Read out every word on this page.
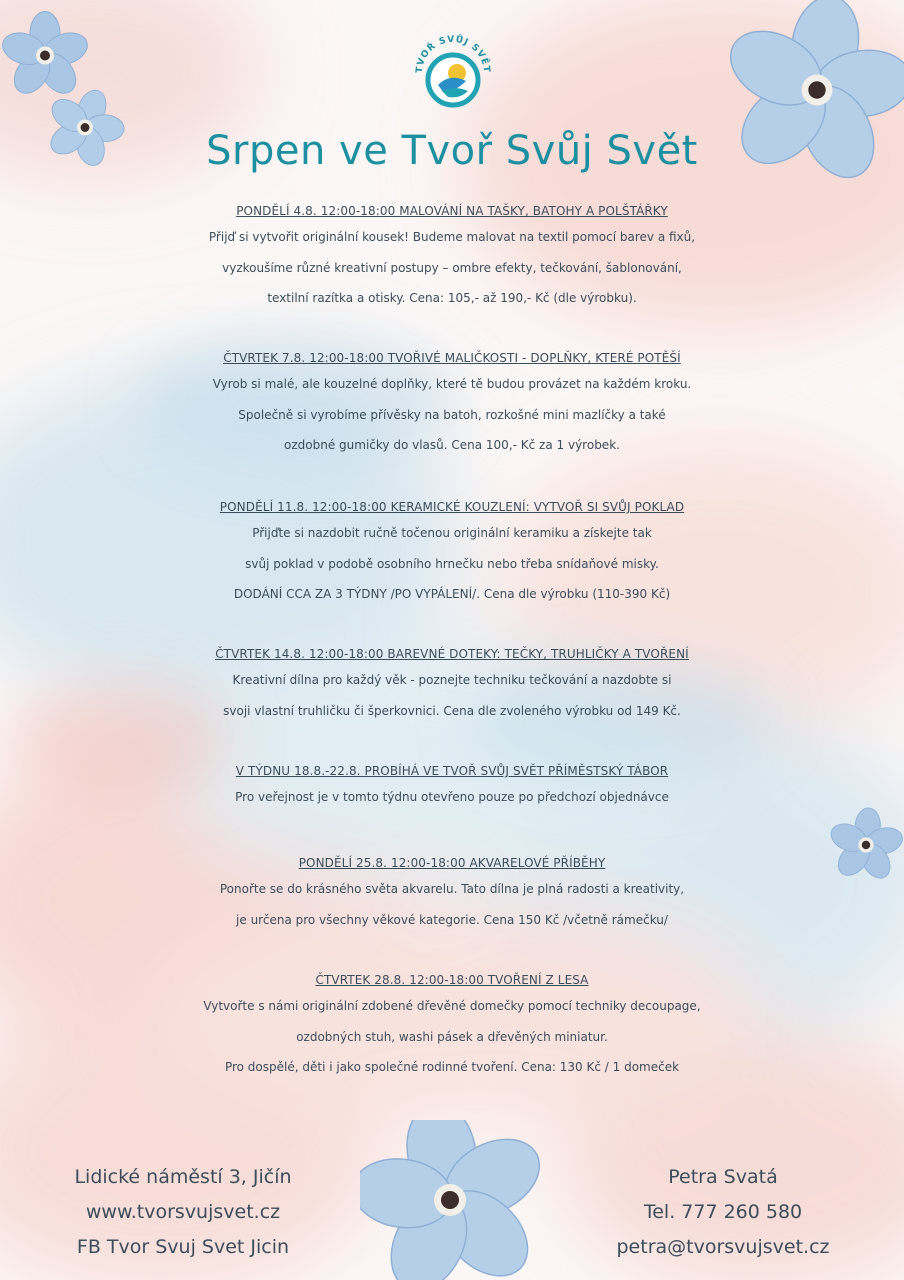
TVOŘ SVŮJ SVĚT
Srpen ve Tvoř Svůj Svět

PONDĚLÍ 4.8. 12:00-18:00 MALOVÁNÍ NA TAŠKY, BATOHY A POLŠTÁŘKY

Přijď si vytvořit originální kousek! Budeme malovat na textil pomocí barev a fixů,

vyzkoušíme různé kreativní postupy – ombre efekty, tečkování, šablonování,

textilní razítka a otisky. Cena: 105,- až 190,- Kč (dle výrobku).

ČTVRTEK 7.8. 12:00-18:00 TVOŘIVÉ MALIČKOSTI - DOPLŇKY, KTERÉ POTĚŠÍ

Vyrob si malé, ale kouzelné doplňky, které tě budou provázet na každém kroku.

Společně si vyrobíme přívěsky na batoh, rozkošné mini mazlíčky a také

ozdobné gumičky do vlasů. Cena 100,- Kč za 1 výrobek.

PONDĚLÍ 11.8. 12:00-18:00 KERAMICKÉ KOUZLENÍ: VYTVOŘ SI SVŮJ POKLAD

Přijďte si nazdobit ručně točenou originální keramiku a získejte tak

svůj poklad v podobě osobního hrnečku nebo třeba snídaňové misky.

DODÁNÍ CCA ZA 3 TÝDNY /PO VYPÁLENÍ/. Cena dle výrobku (110-390 Kč)

ČTVRTEK 14.8. 12:00-18:00 BAREVNÉ DOTEKY: TEČKY, TRUHLIČKY A TVOŘENÍ

Kreativní dílna pro každý věk - poznejte techniku tečkování a nazdobte si

svoji vlastní truhličku či šperkovnici. Cena dle zvoleného výrobku od 149 Kč.

V TÝDNU 18.8.-22.8. PROBÍHÁ VE TVOŘ SVŮJ SVĚT PŘÍMĚSTSKÝ TÁBOR

Pro veřejnost je v tomto týdnu otevřeno pouze po předchozí objednávce

PONDĚLÍ 25.8. 12:00-18:00 AKVARELOVÉ PŘÍBĚHY

Ponořte se do krásného světa akvarelu. Tato dílna je plná radosti a kreativity,

je určena pro všechny věkové kategorie. Cena 150 Kč /včetně rámečku/

ČTVRTEK 28.8. 12:00-18:00 TVOŘENÍ Z LESA

Vytvořte s námi originální zdobené dřevěné domečky pomocí techniky decoupage,

ozdobných stuh, washi pásek a dřevěných miniatur.

Pro dospělé, děti i jako společné rodinné tvoření. Cena: 130 Kč / 1 domeček

Lidické náměstí 3, Jičín

www.tvorsvujsvet.cz

FB Tvor Svuj Svet Jicin

Petra Svatá

Tel. 777 260 580

petra@tvorsvujsvet.cz
